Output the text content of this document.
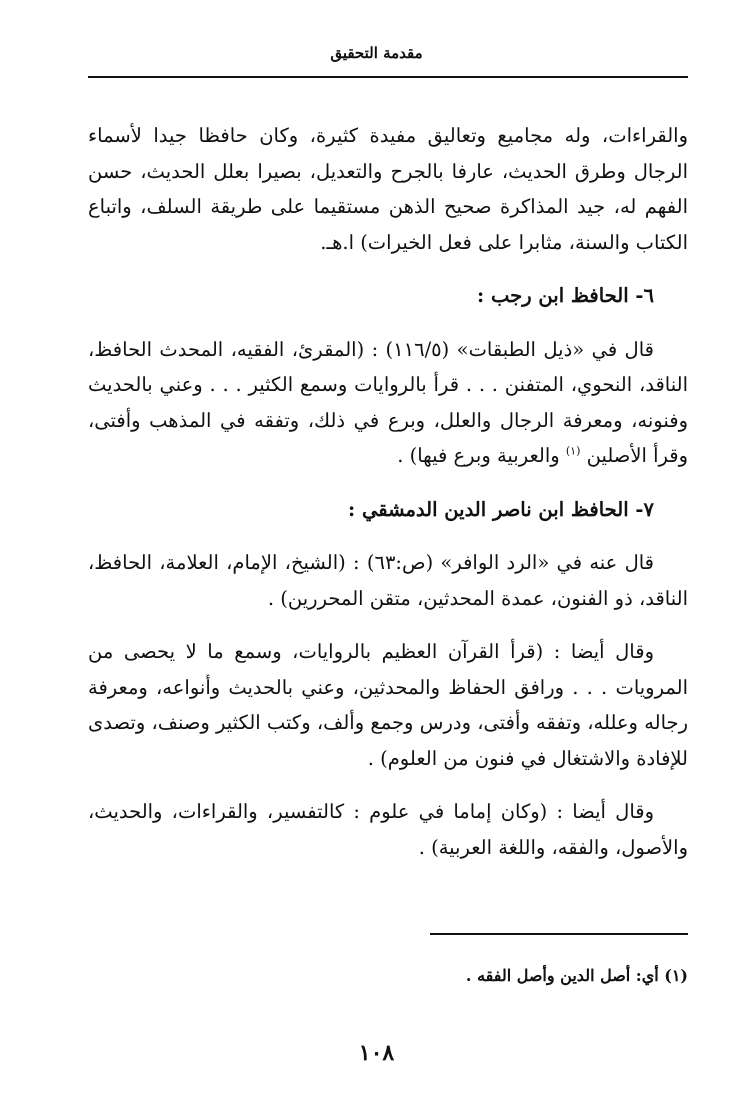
مقدمة التحقيق

والقراءات، وله مجاميع وتعاليق مفيدة كثيرة، وكان حافظا جيدا لأسماء الرجال وطرق الحديث، عارفا بالجرح والتعديل، بصيرا بعلل الحديث، حسن الفهم له، جيد المذاكرة صحيح الذهن مستقيما على طريقة السلف، واتباع الكتاب والسنة، مثابرا على فعل الخيرات) ا.هـ.

٦- الحافظ ابن رجب :

قال في «ذيل الطبقات» (١١٦/٥) : (المقرئ، الفقيه، المحدث الحافظ، الناقد، النحوي، المتفنن . . . قرأ بالروايات وسمع الكثير . . . وعني بالحديث وفنونه، ومعرفة الرجال والعلل، وبرع في ذلك، وتفقه في المذهب وأفتى، وقرأ الأصلين $^{(١)}$ والعربية وبرع فيها) .

٧- الحافظ ابن ناصر الدين الدمشقي :

قال عنه في «الرد الوافر» (ص:٦٣) : (الشيخ، الإمام، العلامة، الحافظ، الناقد، ذو الفنون، عمدة المحدثين، متقن المحررين) .

وقال أيضا : (قرأ القرآن العظيم بالروايات، وسمع ما لا يحصى من المرويات . . . ورافق الحفاظ والمحدثين، وعني بالحديث وأنواعه، ومعرفة رجاله وعلله، وتفقه وأفتى، ودرس وجمع وألف، وكتب الكثير وصنف، وتصدى للإفادة والاشتغال في فنون من العلوم) .

وقال أيضا : (وكان إماما في علوم : كالتفسير، والقراءات، والحديث، والأصول، والفقه، واللغة العربية) .

(١) أي: أصل الدين وأصل الفقه .
١٠٨
